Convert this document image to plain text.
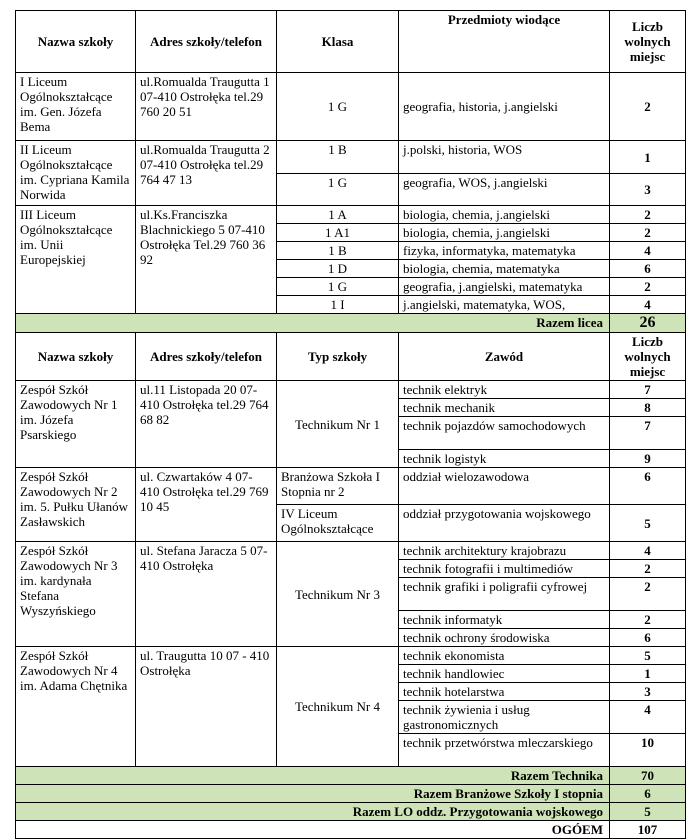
Nazwa szkoły	Adres szkoły/telefon	Klasa	Przedmioty wiodące	Liczb wolnych miejsc
I Liceum Ogólnokształcące im. Gen. Józefa Bema	ul.Romualda Traugutta 1 07-410 Ostrołęka tel.29 760 20 51	1 G	geografia, historia, j.angielski	2
II Liceum Ogólnokształcące im. Cypriana Kamila Norwida	ul.Romualda Traugutta 2 07-410 Ostrołęka tel.29 764 47 13	1 B	j.polski, historia, WOS	1
		1 G	geografia, WOS, j.angielski	3
III Liceum Ogólnokształcące im. Unii Europejskiej	ul.Ks.Franciszka Blachnickiego 5 07-410 Ostrołęka Tel.29 760 36 92	1 A	biologia, chemia, j.angielski	2
		1 A1	biologia, chemia, j.angielski	2
		1 B	fizyka, informatyka, matematyka	4
		1 D	biologia, chemia, matematyka	6
		1 G	geografia, j.angielski, matematyka	2
		1 I	j.angielski, matematyka, WOS,	4
Razem licea				26
Nazwa szkoły	Adres szkoły/telefon	Typ szkoły	Zawód	Liczb wolnych miejsc
Zespół Szkół Zawodowych Nr 1 im. Józefa Psarskiego	ul.11 Listopada 20 07-410 Ostrołęka tel.29 764 68 82	Technikum Nr 1	technik elektryk	7
			technik mechanik	8
			technik pojazdów samochodowych	7
			technik logistyk	9
Zespół Szkół Zawodowych Nr 2 im. 5. Pułku Ułanów Zasławskich	ul. Czwartaków 4 07-410 Ostrołęka tel.29 769 10 45	Branżowa Szkoła I Stopnia nr 2	oddział wielozawodowa	6
		IV Liceum Ogólnokształcące	oddział przygotowania wojskowego	5
Zespół Szkół Zawodowych Nr 3 im. kardynała Stefana Wyszyńskiego	ul. Stefana Jaracza 5 07-410 Ostrołęka	Technikum Nr 3	technik architektury krajobrazu	4
			technik fotografii i multimediów	2
			technik grafiki i poligrafii cyfrowej	2
			technik informatyk	2
			technik ochrony środowiska	6
Zespół Szkół Zawodowych Nr 4 im. Adama Chętnika	ul. Traugutta 10 07 - 410 Ostrołęka	Technikum Nr 4	technik ekonomista	5
			technik handlowiec	1
			technik hotelarstwa	3
			technik żywienia i usług gastronomicznych	4
			technik przetwórstwa mleczarskiego	10
Razem Technika				70
Razem Branżowe Szkoły I stopnia				6
Razem LO oddz. Przygotowania wojskowego				5
OGÓEM				107
